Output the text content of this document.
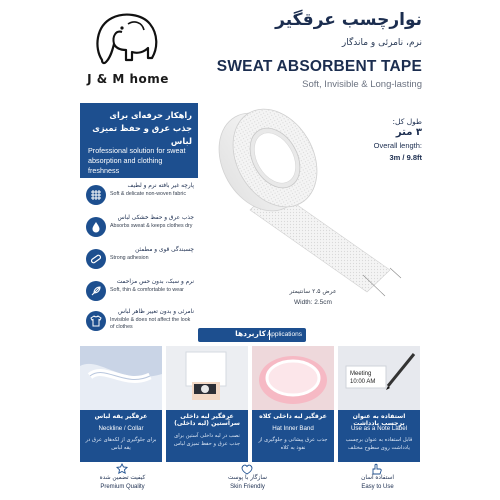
J & M home
نوارچسب عرقگیر
نرم، نامرئی و ماندگار
SWEAT ABSORBENT TAPE
Soft, Invisible & Long-lasting
راهکار حرفه‌ای برای جذب عرق و حفظ تمیزی لباس
Professional solution for sweat absorption and clothing freshness
پارچه غیر بافته نرم و لطیف
Soft & delicate non-woven fabric
جذب عرق و حفظ خشکی لباس
Absorbs sweat & keeps clothes dry
چسبندگی قوی و مطمئن
Strong adhesion
نرم و سبک، بدون حس مزاحمت
Soft, thin & comfortable to wear
نامرئی و بدون تغییر ظاهر لباس
Invisible & does not affect the look of clothes
طول کل:
۳ متر
Overall length:
3m / 9.8ft
عرض ۲.۵ سانتیمتر
Width: 2.5cm
کاربردها Applications
عرقگیر یقه لباس
Neckline / Collar
برای جلوگیری از لکه‌های عرق در یقه لباس
عرقگیر لبه داخلی سرآستین (لبه داخلی)
نصب در لبه داخلی آستین برای جذب عرق و حفظ تمیزی لباس
عرقگیر لبه داخلی کلاه
Hat Inner Band
جذب عرق پیشانی و جلوگیری از نفوذ به کلاه
Meeting
10:00 AM
استفاده به عنوان برچسب یادداشت
Use as a Note Label
قابل استفاده به عنوان برچسب یادداشت روی سطوح مختلف
کیفیت تضمین شده
Premium Quality
سازگار با پوست
Skin Friendly
استفاده آسان
Easy to Use
